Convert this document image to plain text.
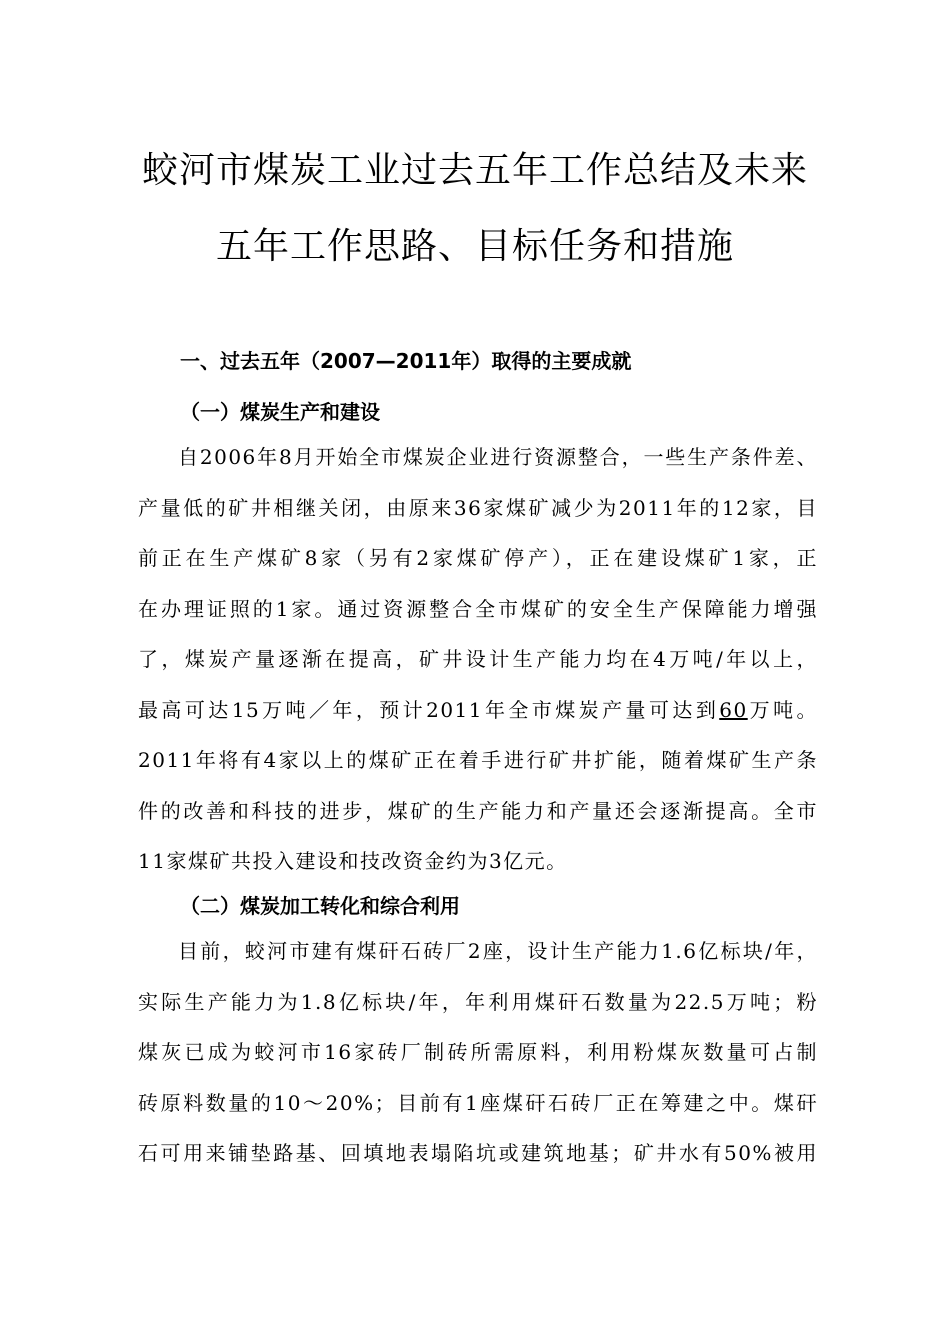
蛟河市煤炭工业过去五年工作总结及未来
五年工作思路、目标任务和措施
一、过去五年（2007—2011年）取得的主要成就
（一）煤炭生产和建设
自2006年8月开始全市煤炭企业进行资源整合，一些生产条件差、
产量低的矿井相继关闭，由原来36家煤矿减少为2011年的12家，目
前正在生产煤矿8家（另有2家煤矿停产），正在建设煤矿1家，正
在办理证照的1家。通过资源整合全市煤矿的安全生产保障能力增强
了，煤炭产量逐渐在提高，矿井设计生产能力均在4万吨/年以上，
最高可达15万吨／年，预计2011年全市煤炭产量可达到60万吨。
2011年将有4家以上的煤矿正在着手进行矿井扩能，随着煤矿生产条
件的改善和科技的进步，煤矿的生产能力和产量还会逐渐提高。全市
11家煤矿共投入建设和技改资金约为3亿元。
（二）煤炭加工转化和综合利用
目前，蛟河市建有煤矸石砖厂2座，设计生产能力1.6亿标块/年，
实际生产能力为1.8亿标块/年，年利用煤矸石数量为22.5万吨；粉
煤灰已成为蛟河市16家砖厂制砖所需原料，利用粉煤灰数量可占制
砖原料数量的10～20%；目前有1座煤矸石砖厂正在筹建之中。煤矸
石可用来铺垫路基、回填地表塌陷坑或建筑地基；矿井水有50%被用
